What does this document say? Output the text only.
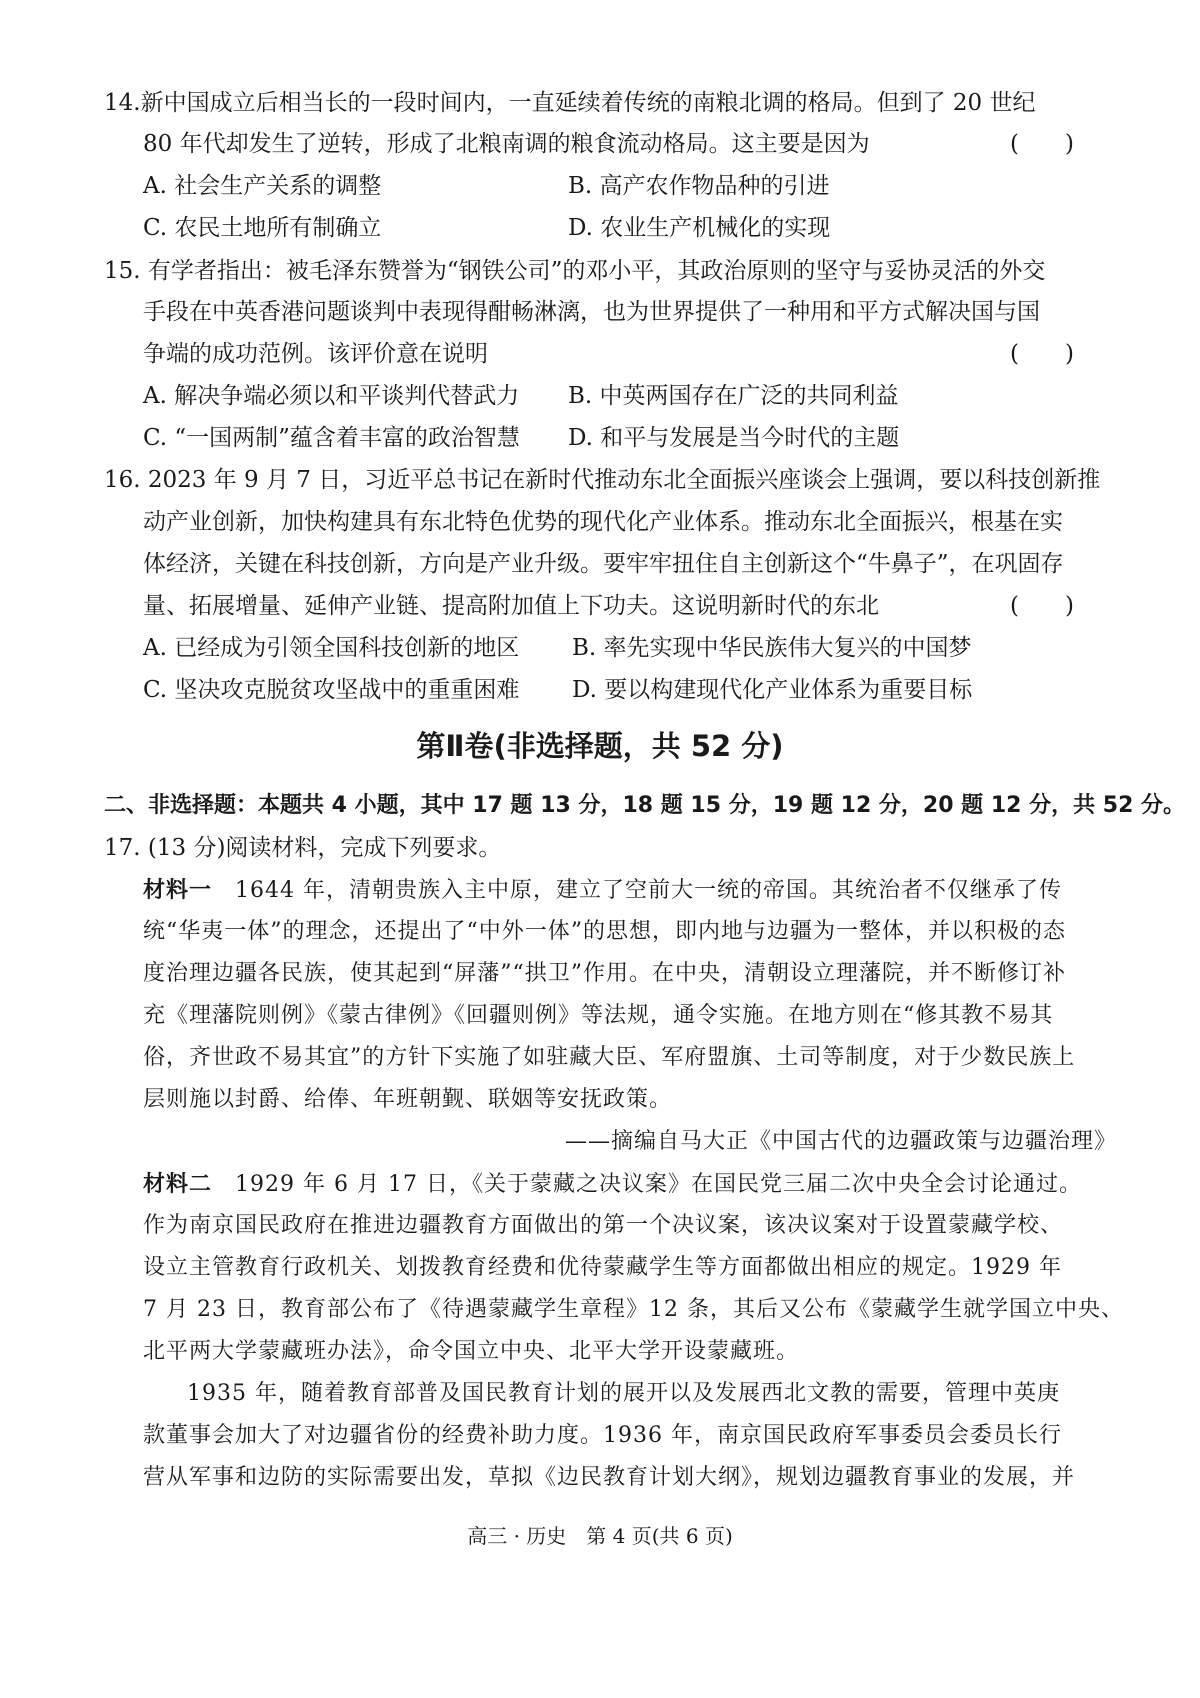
14.新中国成立后相当长的一段时间内，一直延续着传统的南粮北调的格局。但到了 20 世纪
80 年代却发生了逆转，形成了北粮南调的粮食流动格局。这主要是因为	(　　)
A. 社会生产关系的调整	B. 高产农作物品种的引进
C. 农民土地所有制确立	D. 农业生产机械化的实现
15. 有学者指出：被毛泽东赞誉为“钢铁公司”的邓小平，其政治原则的坚守与妥协灵活的外交
手段在中英香港问题谈判中表现得酣畅淋漓，也为世界提供了一种用和平方式解决国与国
争端的成功范例。该评价意在说明	(　　)
A. 解决争端必须以和平谈判代替武力 B. 中英两国存在广泛的共同利益
C. “一国两制”蕴含着丰富的政治智慧 D. 和平与发展是当今时代的主题
16. 2023 年 9 月 7 日，习近平总书记在新时代推动东北全面振兴座谈会上强调，要以科技创新推
动产业创新，加快构建具有东北特色优势的现代化产业体系。推动东北全面振兴，根基在实
体经济，关键在科技创新，方向是产业升级。要牢牢扭住自主创新这个“牛鼻子”，在巩固存
量、拓展增量、延伸产业链、提高附加值上下功夫。这说明新时代的东北	(　　)
A. 已经成为引领全国科技创新的地区 B. 率先实现中华民族伟大复兴的中国梦
C. 坚决攻克脱贫攻坚战中的重重困难 D. 要以构建现代化产业体系为重要目标
第Ⅱ卷(非选择题，共 52 分)
二、非选择题：本题共 4 小题，其中 17 题 13 分，18 题 15 分，19 题 12 分，20 题 12 分，共 52 分。
17. (13 分)阅读材料，完成下列要求。
材料一　1644 年，清朝贵族入主中原，建立了空前大一统的帝国。其统治者不仅继承了传
统“华夷一体”的理念，还提出了“中外一体”的思想，即内地与边疆为一整体，并以积极的态
度治理边疆各民族，使其起到“屏藩”“拱卫”作用。在中央，清朝设立理藩院，并不断修订补
充《理藩院则例》《蒙古律例》《回疆则例》等法规，通令实施。在地方则在“修其教不易其
俗，齐世政不易其宜”的方针下实施了如驻藏大臣、军府盟旗、土司等制度，对于少数民族上
层则施以封爵、给俸、年班朝觐、联姻等安抚政策。
——摘编自马大正《中国古代的边疆政策与边疆治理》
材料二　1929 年 6 月 17 日，《关于蒙藏之决议案》在国民党三届二次中央全会讨论通过。
作为南京国民政府在推进边疆教育方面做出的第一个决议案，该决议案对于设置蒙藏学校、
设立主管教育行政机关、划拨教育经费和优待蒙藏学生等方面都做出相应的规定。1929 年
7 月 23 日，教育部公布了《待遇蒙藏学生章程》12 条，其后又公布《蒙藏学生就学国立中央、
北平两大学蒙藏班办法》，命令国立中央、北平大学开设蒙藏班。
1935 年，随着教育部普及国民教育计划的展开以及发展西北文教的需要，管理中英庚
款董事会加大了对边疆省份的经费补助力度。1936 年，南京国民政府军事委员会委员长行
营从军事和边防的实际需要出发，草拟《边民教育计划大纲》，规划边疆教育事业的发展，并
高三 · 历史　第 4 页(共 6 页)
